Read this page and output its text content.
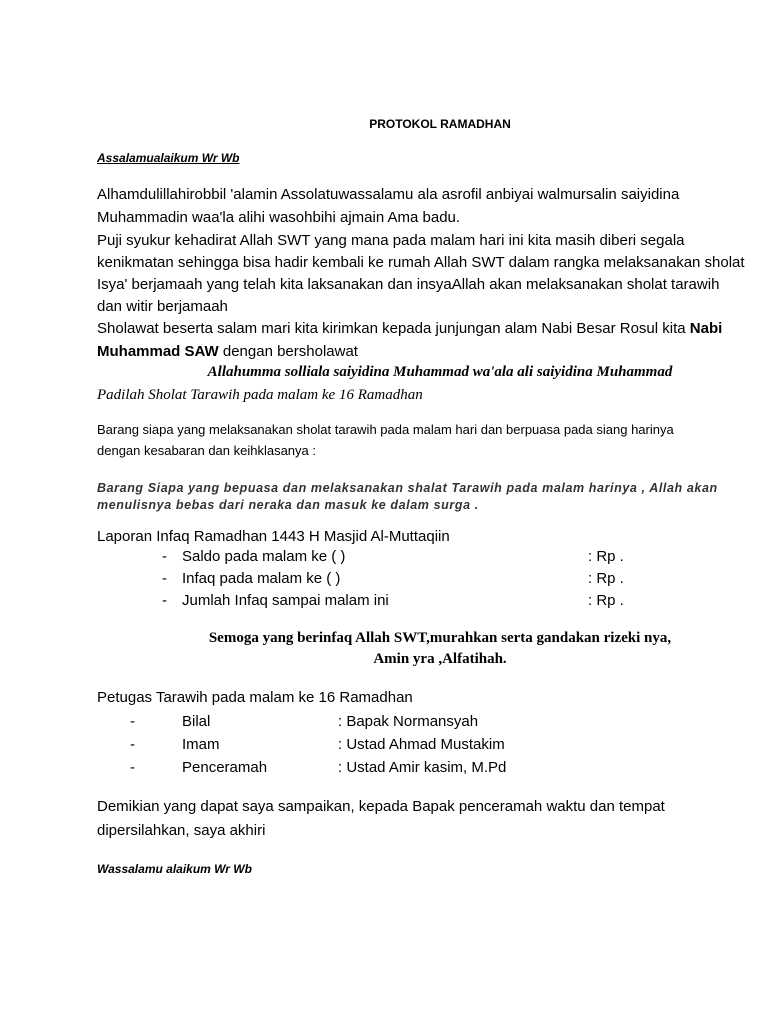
PROTOKOL RAMADHAN
Assalamualaikum Wr Wb
Alhamdulillahirobbil 'alamin Assolatuwassalamu ala asrofil anbiyai walmursalin saiyidina
Muhammadin waa'la alihi wasohbihi ajmain Ama badu.
Puji syukur kehadirat Allah SWT yang mana pada malam hari ini kita masih diberi segala
kenikmatan sehingga bisa hadir kembali ke rumah Allah SWT dalam rangka melaksanakan sholat
Isya' berjamaah yang telah kita laksanakan dan insyaAllah akan melaksanakan sholat tarawih
dan witir berjamaah
Sholawat beserta salam mari kita kirimkan kepada junjungan alam Nabi Besar Rosul kita Nabi
Muhammad SAW dengan bersholawat
Allahumma solliala saiyidina Muhammad wa'ala ali saiyidina Muhammad
Padilah Sholat Tarawih pada malam ke 16 Ramadhan
Barang siapa yang melaksanakan sholat tarawih pada malam hari dan berpuasa pada siang harinya
dengan kesabaran dan keihklasanya :
Barang Siapa yang bepuasa dan melaksanakan shalat Tarawih pada malam harinya , Allah akan
menulisnya bebas dari neraka dan masuk ke dalam surga .
Laporan Infaq Ramadhan 1443 H Masjid Al-Muttaqiin
- Saldo pada malam ke ( )	: Rp .
- Infaq pada malam ke ( )	: Rp .
- Jumlah Infaq sampai malam ini	: Rp .
Semoga yang berinfaq Allah SWT,murahkan serta gandakan rizeki nya,
Amin yra ,Alfatihah.
Petugas Tarawih pada malam ke 16 Ramadhan
-	Bilal	: Bapak Normansyah
-	Imam	: Ustad Ahmad Mustakim
-	Penceramah	: Ustad Amir kasim, M.Pd
Demikian yang dapat saya sampaikan, kepada Bapak penceramah waktu dan tempat
dipersilahkan, saya akhiri
Wassalamu alaikum Wr Wb
